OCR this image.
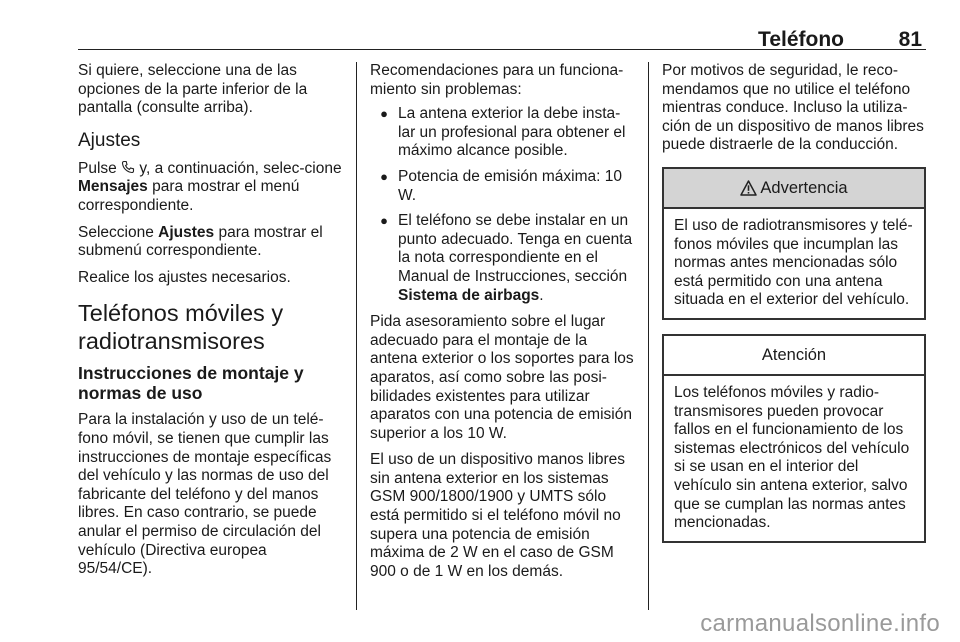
Teléfono	81

Si quiere, seleccione una de las opciones de la parte inferior de la pantalla (consulte arriba).

Ajustes

Pulse  y, a continuación, selec-cione Mensajes para mostrar el menú correspondiente.

Seleccione Ajustes para mostrar el submenú correspondiente.

Realice los ajustes necesarios.

Teléfonos móviles y radiotransmisores
Instrucciones de montaje y normas de uso

Para la instalación y uso de un telé-fono móvil, se tienen que cumplir las instrucciones de montaje específicas del vehículo y las normas de uso del fabricante del teléfono y del manos libres. En caso contrario, se puede anular el permiso de circulación del vehículo (Directiva europea 95/54/CE).

Recomendaciones para un funciona-miento sin problemas:

● La antena exterior la debe insta-lar un profesional para obtener el máximo alcance posible.
● Potencia de emisión máxima: 10 W.
● El teléfono se debe instalar en un punto adecuado. Tenga en cuenta la nota correspondiente en el Manual de Instrucciones, sección Sistema de airbags.

Pida asesoramiento sobre el lugar adecuado para el montaje de la antena exterior o los soportes para los aparatos, así como sobre las posi-bilidades existentes para utilizar aparatos con una potencia de emisión superior a los 10 W.

El uso de un dispositivo manos libres sin antena exterior en los sistemas GSM 900/1800/1900 y UMTS sólo está permitido si el teléfono móvil no supera una potencia de emisión máxima de 2 W en el caso de GSM 900 o de 1 W en los demás.

Por motivos de seguridad, le reco-mendamos que no utilice el teléfono mientras conduce. Incluso la utiliza-ción de un dispositivo de manos libres puede distraerle de la conducción.

Advertencia
El uso de radiotransmisores y telé-fonos móviles que incumplan las normas antes mencionadas sólo está permitido con una antena situada en el exterior del vehículo.
Atención
Los teléfonos móviles y radio-transmisores pueden provocar fallos en el funcionamiento de los sistemas electrónicos del vehículo si se usan en el interior del vehículo sin antena exterior, salvo que se cumplan las normas antes mencionadas.
carmanualsonline.info
